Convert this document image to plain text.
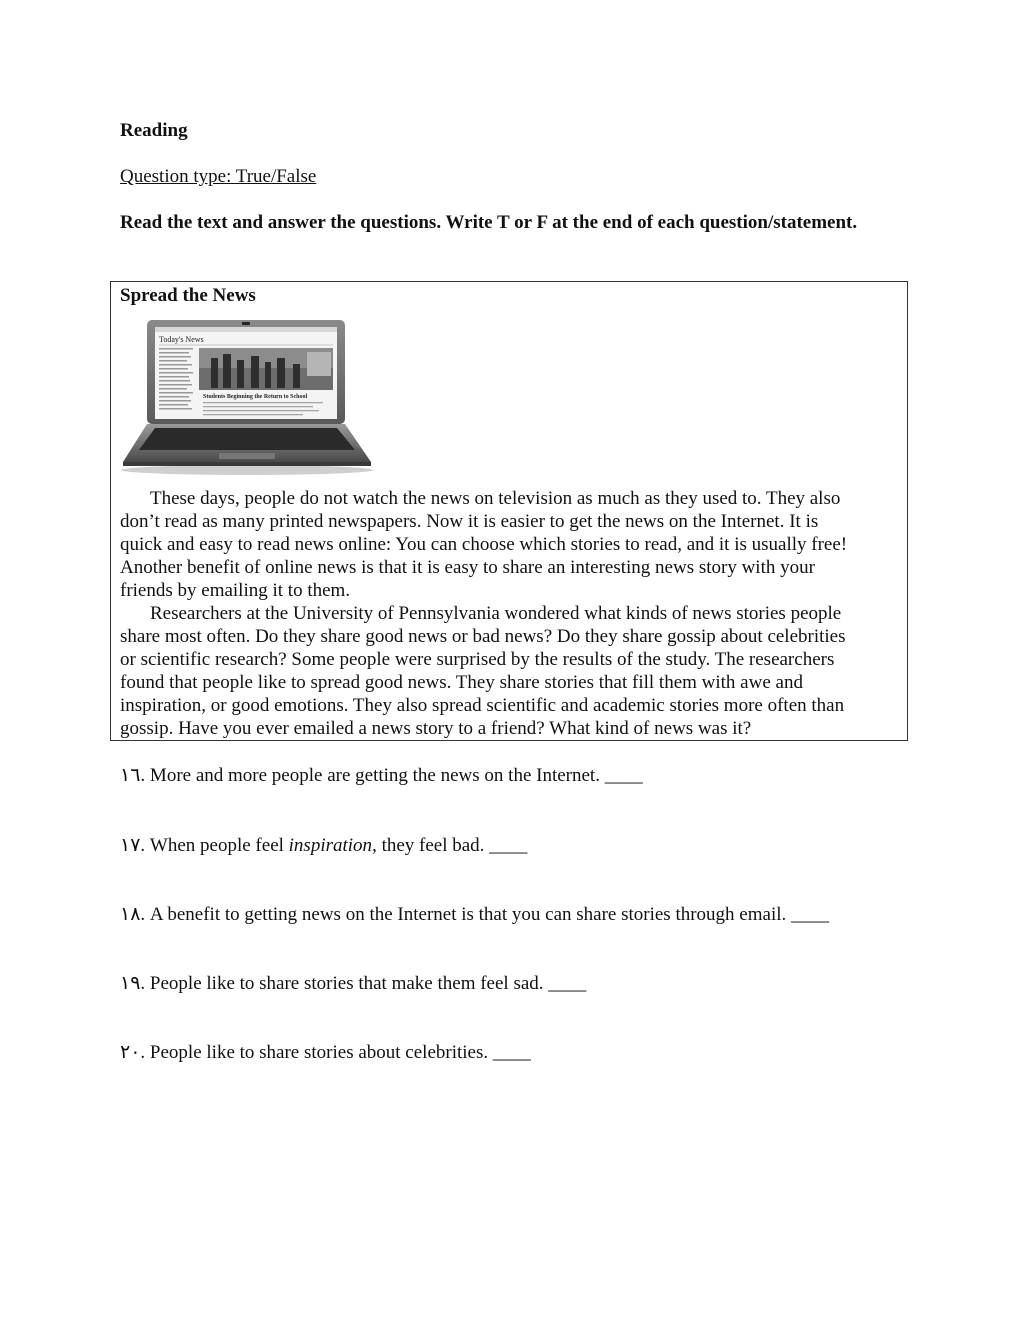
Reading
Question type: True/False
Read the text and answer the questions. Write T or F at the end of each question/statement.
Spread the News
Today's News
Students Beginning the Return to School
These days, people do not watch the news on television as much as they used to. They also
don’t read as many printed newspapers. Now it is easier to get the news on the Internet. It is
quick and easy to read news online: You can choose which stories to read, and it is usually free!
Another benefit of online news is that it is easy to share an interesting news story with your
friends by emailing it to them.
Researchers at the University of Pennsylvania wondered what kinds of news stories people
share most often. Do they share good news or bad news? Do they share gossip about celebrities
or scientific research? Some people were surprised by the results of the study. The researchers
found that people like to spread good news. They share stories that fill them with awe and
inspiration, or good emotions. They also spread scientific and academic stories more often than
gossip. Have you ever emailed a news story to a friend? What kind of news was it?
١٦. More and more people are getting the news on the Internet. ____
١٧. When people feel inspiration, they feel bad. ____
١٨. A benefit to getting news on the Internet is that you can share stories through email. ____
١٩. People like to share stories that make them feel sad. ____
٢٠. People like to share stories about celebrities. ____
